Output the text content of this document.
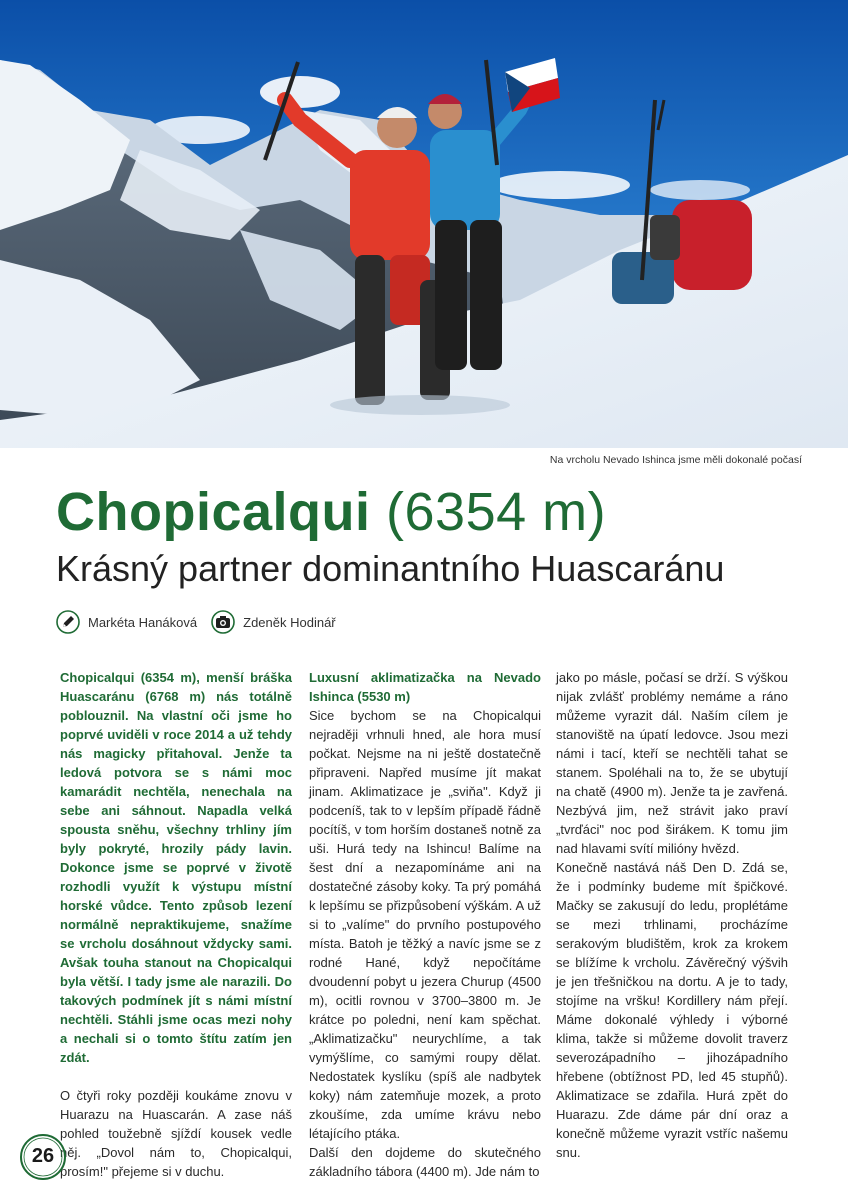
Na vrcholu Nevado Ishinca jsme měli dokonalé počasí
Chopicalqui (6354 m)
Krásný partner dominantního Huascaránu
Markéta Hanáková	Zdeněk Hodinář

Chopicalqui (6354 m), menší bráška Huascaránu (6768 m) nás totálně poblouznil. Na vlastní oči jsme ho poprvé uviděli v roce 2014 a už tehdy nás magicky přitahoval. Jenže ta ledová potvora se s námi moc kamarádit nechtěla, nenechala na sebe ani sáhnout. Napadla velká spousta sněhu, všechny trhliny jím byly pokryté, hrozily pády lavin. Dokonce jsme se poprvé v životě rozhodli využít k výstupu místní horské vůdce. Tento způsob lezení normálně nepraktikujeme, snažíme se vrcholu dosáhnout vždycky sami. Avšak touha stanout na Chopicalqui byla větší. I tady jsme ale narazili. Do takových podmínek jít s námi místní nechtěli. Stáhli jsme ocas mezi nohy a nechali si o tomto štítu zatím jen zdát.

O čtyři roky později koukáme znovu v Huarazu na Huascarán. A zase náš pohled toužebně sjíždí kousek vedle něj. „Dovol nám to, Chopicalqui, prosím!" přejeme si v duchu.

Luxusní aklimatizačka na Nevado Ishinca (5530 m)

Sice bychom se na Chopicalqui nejraději vrhnuli hned, ale hora musí počkat. Nejsme na ni ještě dostatečně připraveni. Napřed musíme jít makat jinam. Aklimatizace je „sviňa". Když ji podceníš, tak to v lepším případě řádně pocítíš, v tom horším dostaneš notně za uši. Hurá tedy na Ishincu! Balíme na šest dní a nezapomínáme ani na dostatečné zásoby koky. Ta prý pomáhá k lepšímu se přizpůsobení výškám. A už si to „valíme" do prvního postupového místa. Batoh je těžký a navíc jsme se z rodné Hané, když nepočítáme dvoudenní pobyt u jezera Churup (4500 m), ocitli rovnou v 3700–3800 m. Je krátce po poledni, není kam spěchat. „Aklimatizačku" neurychlíme, a tak vymýšlíme, co samými roupy dělat. Nedostatek kyslíku (spíš ale nadbytek koky) nám zatemňuje mozek, a proto zkoušíme, zda umíme krávu nebo létajícího ptáka.

Další den dojdeme do skutečného základního tábora (4400 m). Jde nám to

jako po másle, počasí se drží. S výškou nijak zvlášť problémy nemáme a ráno můžeme vyrazit dál. Naším cílem je stanoviště na úpatí ledovce. Jsou mezi námi i tací, kteří se nechtěli tahat se stanem. Spoléhali na to, že se ubytují na chatě (4900 m). Jenže ta je zavřená. Nezbývá jim, než strávit jako praví „tvrďáci" noc pod širákem. K tomu jim nad hlavami svítí milióny hvězd.

Konečně nastává náš Den D. Zdá se, že i podmínky budeme mít špičkové. Mačky se zakusují do ledu, proplétáme se mezi trhlinami, procházíme serakovým bludištěm, krok za krokem se blížíme k vrcholu. Závěrečný výšvih je jen třešničkou na dortu. A je to tady, stojíme na vršku! Kordillery nám přejí. Máme dokonalé výhledy i výborné klima, takže si můžeme dovolit traverz severozápadního – jihozápadního hřebene (obtížnost PD, led 45 stupňů). Aklimatizace se zdařila. Hurá zpět do Huarazu. Zde dáme pár dní oraz a konečně můžeme vyrazit vstříc našemu snu.

26
